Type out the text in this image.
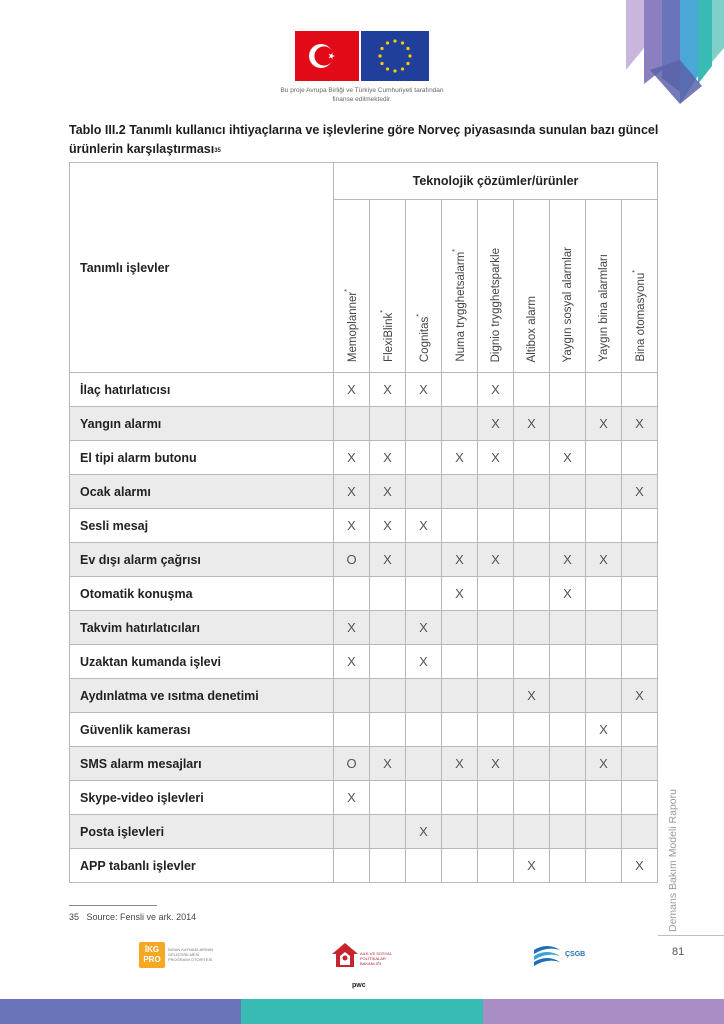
Bu proje Avrupa Birliği ve Türkiye Cumhuriyeti tarafından finanse edilmektedir.
Tablo III.2 Tanımlı kullanıcı ihtiyaçlarına ve işlevlerine göre Norveç piyasasında sunulan bazı güncel ürünlerin karşılaştırması$^{35}$
Tanımlı işlevler	Teknolojik çözümler/ürünler								

	Memoplanner*	FlexiBlink*	Cognitas*	Numa trygghetsalarm*	Dignio trygghetsparkle	Altibox alarm	Yaygın sosyal alarmlar	Yaygın bina alarmları	Bina otomasyonu*

İlaç hatırlatıcısı	X	X	X		X				
Yangın alarmı					X	X		X	X
El tipi alarm butonu	X	X		X	X		X		
Ocak alarmı	X	X							X
Sesli mesaj	X	X	X						
Ev dışı alarm çağrısı	O	X		X	X		X	X	
Otomatik konuşma				X			X		
Takvim hatırlatıcıları	X		X						
Uzaktan kumanda işlevi	X		X						
Aydınlatma ve ısıtma denetimi						X			X
Güvenlik kamerası								X	
SMS alarm mesajları	O	X		X	X			X	
Skype-video işlevleri	X								
Posta işlevleri			X						
APP tabanlı işlevler						X			X
35 Source: Fensli ve ark. 2014	Demans Bakım Modeli Raporu
81
İKG
PRO
İNSAN KAYNAKLARININ GELİŞTİRİLMESİ PROGRAMI OTORİTESİ
AİLE VE SOSYAL POLİTİKALAR BAKANLIĞI
pwc
ÇSGB
